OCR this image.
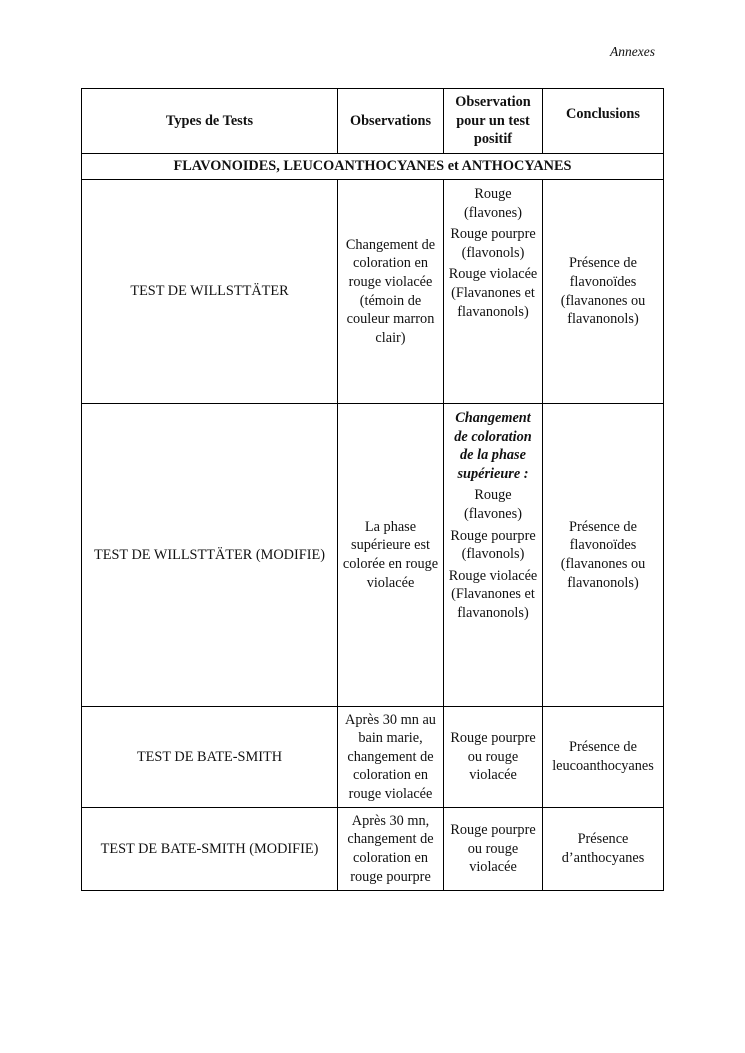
Annexes
Types de Tests	Observations	Observation pour un test positif	Conclusions
FLAVONOIDES, LEUCOANTHOCYANES et ANTHOCYANES			
TEST DE WILLSTTÄTER	Changement de coloration en rouge violacée (témoin de couleur marron clair)	Rouge (flavones)
Rouge pourpre (flavonols)
Rouge violacée (Flavanones et flavanonols)	Présence de flavonoïdes (flavanones ou flavanonols)
TEST DE WILLSTTÄTER (MODIFIE)	La phase supérieure est colorée en rouge violacée	Changement de coloration de la phase supérieure :
Rouge (flavones)
Rouge pourpre (flavonols)
Rouge violacée (Flavanones et flavanonols)	Présence de flavonoïdes (flavanones ou flavanonols)
TEST DE BATE-SMITH	Après 30 mn au bain marie, changement de coloration en rouge violacée	Rouge pourpre ou rouge violacée	Présence de leucoanthocyanes
TEST DE BATE-SMITH (MODIFIE)	Après 30 mn, changement de coloration en rouge pourpre	Rouge pourpre ou rouge violacée	Présence d’anthocyanes
